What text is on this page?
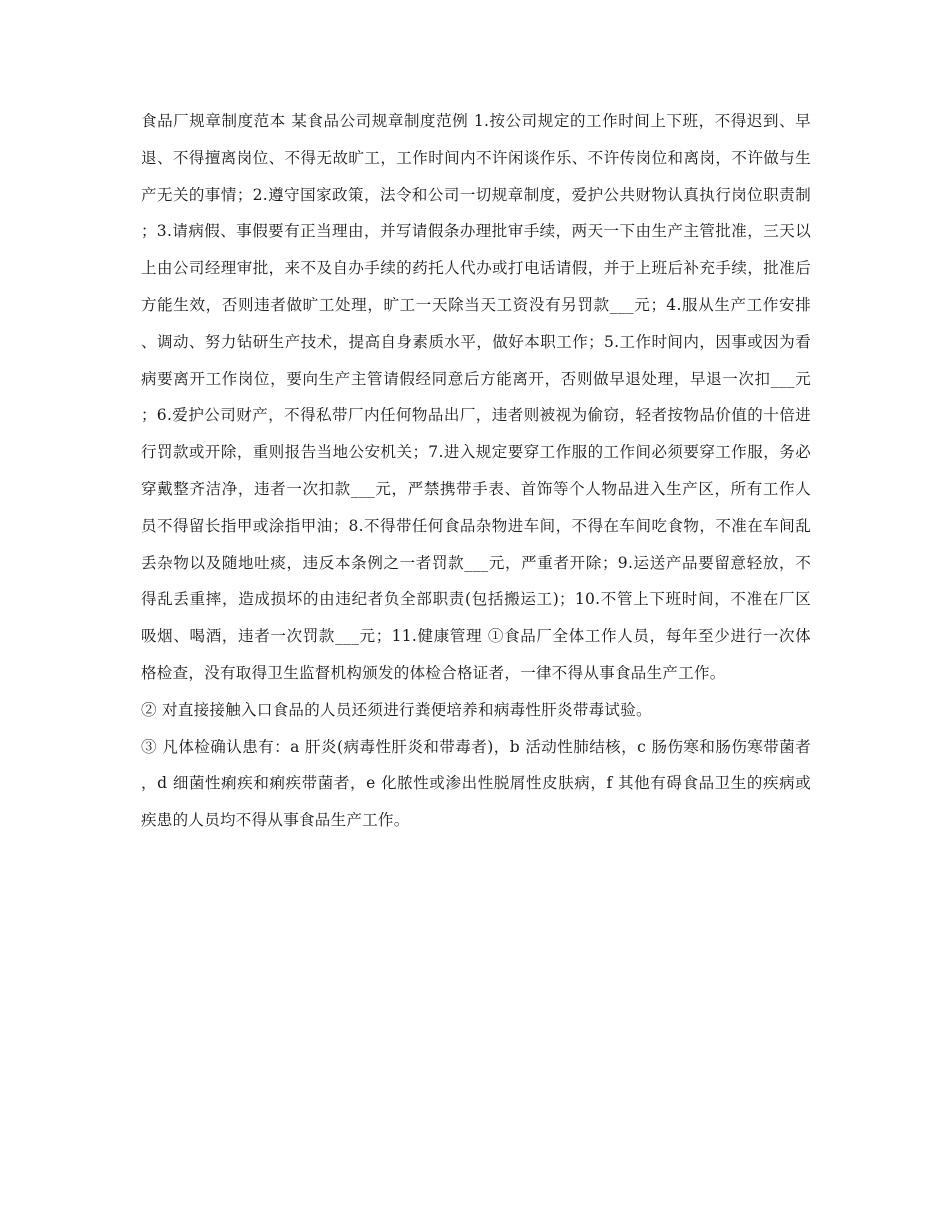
食品厂规章制度范本 某食品公司规章制度范例 1.按公司规定的工作时间上下班，不得迟到、早退、不得擅离岗位、不得无故旷工，工作时间内不许闲谈作乐、不许传岗位和离岗，不许做与生产无关的事情；2.遵守国家政策，法令和公司一切规章制度，爱护公共财物认真执行岗位职责制；3.请病假、事假要有正当理由，并写请假条办理批审手续，两天一下由生产主管批准，三天以上由公司经理审批，来不及自办手续的药托人代办或打电话请假，并于上班后补充手续，批准后方能生效，否则违者做旷工处理，旷工一天除当天工资没有另罚款___元；4.服从生产工作安排、调动、努力钻研生产技术，提高自身素质水平，做好本职工作；5.工作时间内，因事或因为看病要离开工作岗位，要向生产主管请假经同意后方能离开，否则做早退处理，早退一次扣___元；6.爱护公司财产，不得私带厂内任何物品出厂，违者则被视为偷窃，轻者按物品价值的十倍进行罚款或开除，重则报告当地公安机关；7.进入规定要穿工作服的工作间必须要穿工作服，务必穿戴整齐洁净，违者一次扣款___元，严禁携带手表、首饰等个人物品进入生产区，所有工作人员不得留长指甲或涂指甲油；8.不得带任何食品杂物进车间，不得在车间吃食物，不准在车间乱丢杂物以及随地吐痰，违反本条例之一者罚款___元，严重者开除；9.运送产品要留意轻放，不得乱丢重摔，造成损坏的由违纪者负全部职责(包括搬运工)；10.不管上下班时间，不准在厂区吸烟、喝酒，违者一次罚款___元；11.健康管理 ①食品厂全体工作人员，每年至少进行一次体格检查，没有取得卫生监督机构颁发的体检合格证者，一律不得从事食品生产工作。

② 对直接接触入口食品的人员还须进行粪便培养和病毒性肝炎带毒试验。

③ 凡体检确认患有：a 肝炎(病毒性肝炎和带毒者)，b 活动性肺结核，c 肠伤寒和肠伤寒带菌者，d 细菌性痢疾和痢疾带菌者，e 化脓性或渗出性脱屑性皮肤病，f 其他有碍食品卫生的疾病或疾患的人员均不得从事食品生产工作。
